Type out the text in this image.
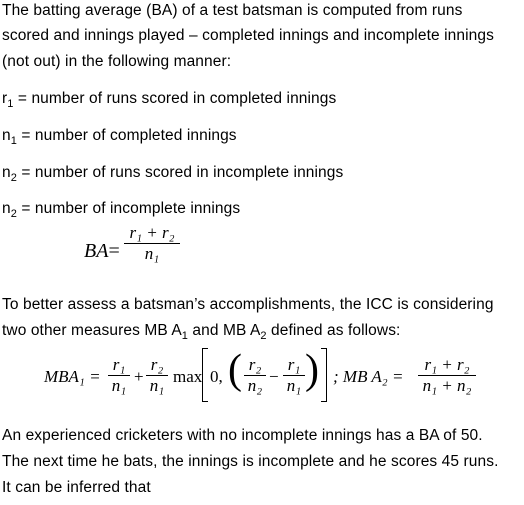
The batting average (BA) of a test batsman is computed from runs
scored and innings played – completed innings and incomplete innings
(not out) in the following manner:
$r_1$ = number of runs scored in completed innings
$n_1$ = number of completed innings
$n_2$ = number of runs scored in incomplete innings
$n_2$ = number of incomplete innings
BA=
r₁ + r₂
n₁
To better assess a batsman’s accomplishments, the ICC is considering
two other measures MB $A_1$ and MB $A_2$ defined as follows:
MBA₁ =
r₁
n₁ +
r₂
n₁ max 0, ( r₂
n₂ −
r₁
n₁ ) ; MB A₂ =
r₁ + r₂
n₁ + n₂
An experienced cricketers with no incomplete innings has a BA of 50.
The next time he bats, the innings is incomplete and he scores 45 runs.
It can be inferred that
